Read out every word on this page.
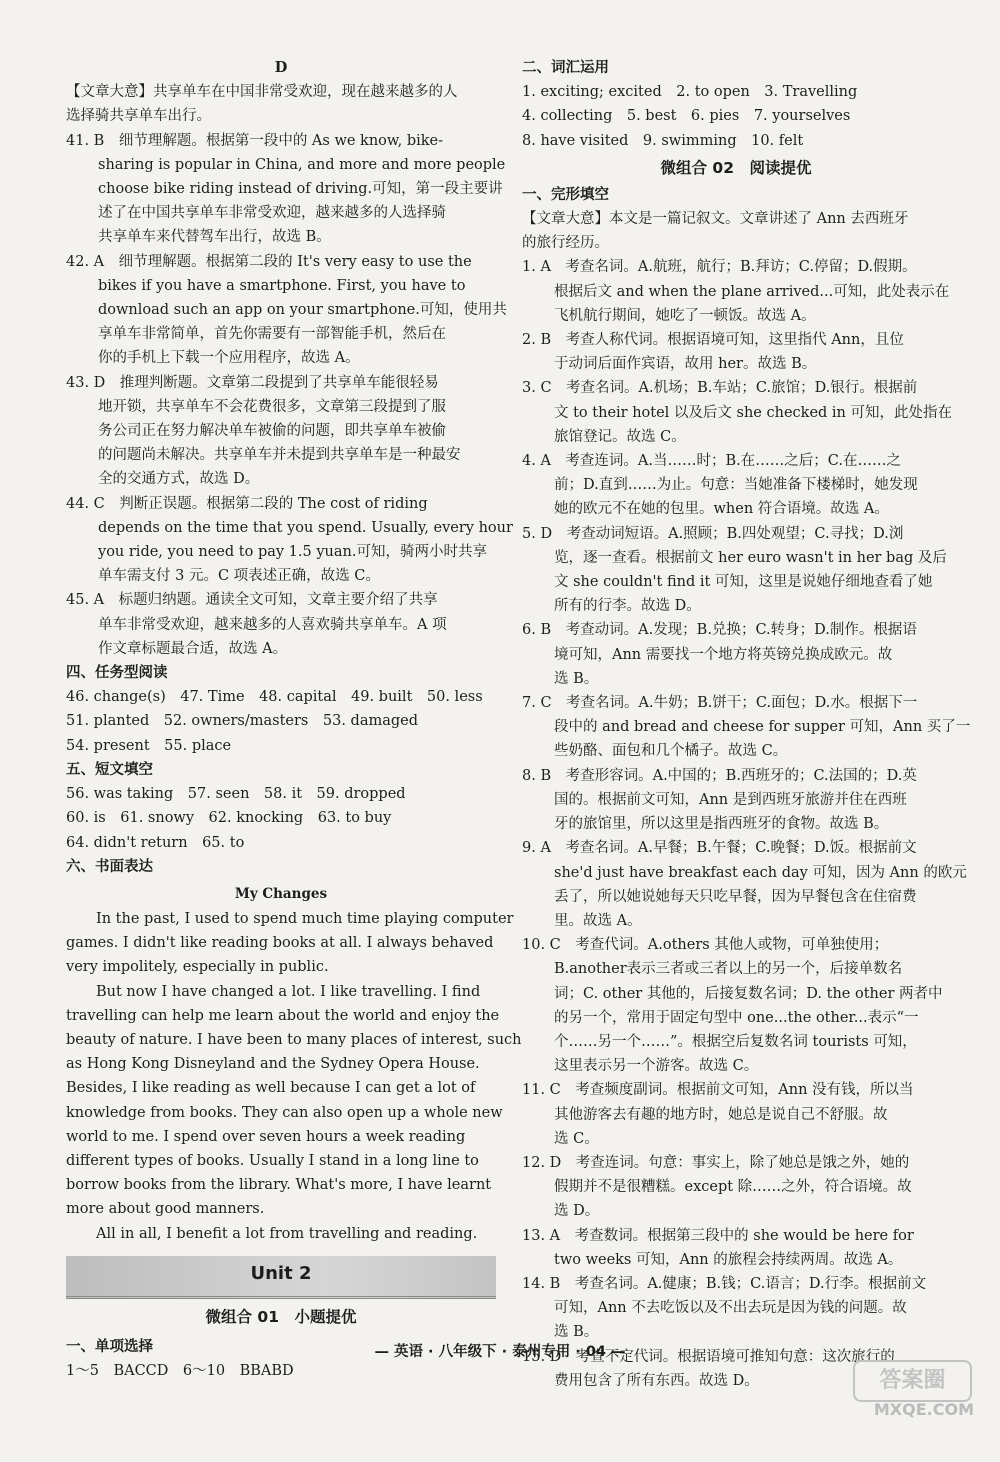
D
【文章大意】共享单车在中国非常受欢迎，现在越来越多的人
选择骑共享单车出行。
41. B　细节理解题。根据第一段中的 As we know, bike-
sharing is popular in China, and more and more people
choose bike riding instead of driving.可知，第一段主要讲
述了在中国共享单车非常受欢迎，越来越多的人选择骑
共享单车来代替驾车出行，故选 B。
42. A　细节理解题。根据第二段的 It's very easy to use the
bikes if you have a smartphone. First, you have to
download such an app on your smartphone.可知，使用共
享单车非常简单，首先你需要有一部智能手机，然后在
你的手机上下载一个应用程序，故选 A。
43. D　推理判断题。文章第二段提到了共享单车能很轻易
地开锁，共享单车不会花费很多，文章第三段提到了服
务公司正在努力解决单车被偷的问题，即共享单车被偷
的问题尚未解决。共享单车并未提到共享单车是一种最安
全的交通方式，故选 D。
44. C　判断正误题。根据第二段的 The cost of riding
depends on the time that you spend. Usually, every hour
you ride, you need to pay 1.5 yuan.可知，骑两小时共享
单车需支付 3 元。C 项表述正确，故选 C。
45. A　标题归纳题。通读全文可知，文章主要介绍了共享
单车非常受欢迎，越来越多的人喜欢骑共享单车。A 项
作文章标题最合适，故选 A。
四、任务型阅读
46. change(s)　47. Time　48. capital　49. built　50. less
51. planted　52. owners/masters　53. damaged
54. present　55. place
五、短文填空
56. was taking　57. seen　58. it　59. dropped
60. is　61. snowy　62. knocking　63. to buy
64. didn't return　65. to
六、书面表达
My Changes
In the past, I used to spend much time playing computer
games. I didn't like reading books at all. I always behaved
very impolitely, especially in public.
But now I have changed a lot. I like travelling. I find
travelling can help me learn about the world and enjoy the
beauty of nature. I have been to many places of interest, such
as Hong Kong Disneyland and the Sydney Opera House.
Besides, I like reading as well because I can get a lot of
knowledge from books. They can also open up a whole new
world to me. I spend over seven hours a week reading
different types of books. Usually I stand in a long line to
borrow books from the library. What's more, I have learnt
more about good manners.
All in all, I benefit a lot from travelling and reading.
Unit 2
微组合 01　小题提优
一、单项选择
1～5　BACCD　6～10　BBABD
二、词汇运用
1. exciting; excited　2. to open　3. Travelling
4. collecting　5. best　6. pies　7. yourselves
8. have visited　9. swimming　10. felt
微组合 02　阅读提优
一、完形填空
【文章大意】本文是一篇记叙文。文章讲述了 Ann 去西班牙
的旅行经历。
1. A　考查名词。A.航班，航行；B.拜访；C.停留；D.假期。
根据后文 and when the plane arrived...可知，此处表示在
飞机航行期间，她吃了一顿饭。故选 A。
2. B　考查人称代词。根据语境可知，这里指代 Ann，且位
于动词后面作宾语，故用 her。故选 B。
3. C　考查名词。A.机场；B.车站；C.旅馆；D.银行。根据前
文 to their hotel 以及后文 she checked in 可知，此处指在
旅馆登记。故选 C。
4. A　考查连词。A.当……时；B.在……之后；C.在……之
前；D.直到……为止。句意：当她准备下楼梯时，她发现
她的欧元不在她的包里。when 符合语境。故选 A。
5. D　考查动词短语。A.照顾；B.四处观望；C.寻找；D.浏
览，逐一查看。根据前文 her euro wasn't in her bag 及后
文 she couldn't find it 可知，这里是说她仔细地查看了她
所有的行李。故选 D。
6. B　考查动词。A.发现；B.兑换；C.转身；D.制作。根据语
境可知，Ann 需要找一个地方将英镑兑换成欧元。故
选 B。
7. C　考查名词。A.牛奶；B.饼干；C.面包；D.水。根据下一
段中的 and bread and cheese for supper 可知，Ann 买了一
些奶酪、面包和几个橘子。故选 C。
8. B　考查形容词。A.中国的；B.西班牙的；C.法国的；D.英
国的。根据前文可知，Ann 是到西班牙旅游并住在西班
牙的旅馆里，所以这里是指西班牙的食物。故选 B。
9. A　考查名词。A.早餐；B.午餐；C.晚餐；D.饭。根据前文
she'd just have breakfast each day 可知，因为 Ann 的欧元
丢了，所以她说她每天只吃早餐，因为早餐包含在住宿费
里。故选 A。
10. C　考查代词。A.others 其他人或物，可单独使用；
B.another表示三者或三者以上的另一个，后接单数名
词；C. other 其他的，后接复数名词；D. the other 两者中
的另一个，常用于固定句型中 one...the other...表示“一
个……另一个……”。根据空后复数名词 tourists 可知，
这里表示另一个游客。故选 C。
11. C　考查频度副词。根据前文可知，Ann 没有钱，所以当
其他游客去有趣的地方时，她总是说自己不舒服。故
选 C。
12. D　考查连词。句意：事实上，除了她总是饿之外，她的
假期并不是很糟糕。except 除……之外，符合语境。故
选 D。
13. A　考查数词。根据第三段中的 she would be here for
two weeks 可知，Ann 的旅程会持续两周。故选 A。
14. B　考查名词。A.健康；B.钱；C.语言；D.行李。根据前文
可知，Ann 不去吃饭以及不出去玩是因为钱的问题。故
选 B。
15. D　考查不定代词。根据语境可推知句意：这次旅行的
费用包含了所有东西。故选 D。
— 英语 · 八年级下 · 泰州专用 · 04 —
答案圈
MXQE.COM
